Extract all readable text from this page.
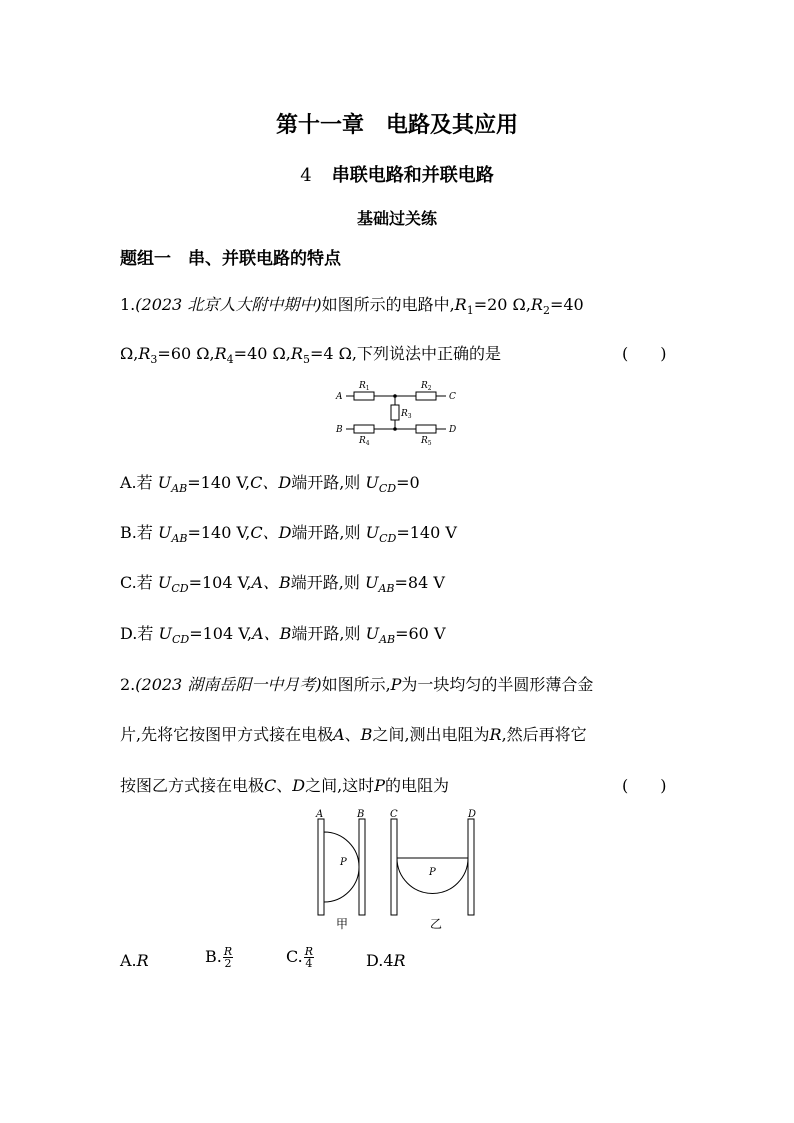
第十一章　电路及其应用
4 串联电路和并联电路
基础过关练
题组一　串、并联电路的特点
1.(2023 北京人大附中期中)如图所示的电路中$,R_1=20$ $\Omega,R_2=40$
$\Omega,R_3=60$ $\Omega,R_4=40$ $\Omega,R_5=4$ Ω,下列说法中正确的是	(　　)
A	C
B	D
$R_1$	$R_2$
$R_3$
$R_4$	$R_5$
A.若 $U_{AB}=140$ V,C、D端开路,则 $U_{CD}=0$
B.若 $U_{AB}=140$ V,C、D端开路,则 $U_{CD}=140$ V
C.若 $U_{CD}=104$ V,A、B端开路,则 $U_{AB}=84$ V
D.若 $U_{CD}=104$ V,A、B端开路,则 $U_{AB}=60$ V
2.(2023 湖南岳阳一中月考)如图所示,P为一块均匀的半圆形薄合金
片,先将它按图甲方式接在电极A、B之间,测出电阻为R,然后再将它
按图乙方式接在电极C、D之间,这时P的电阻为	(　　)
A	B	C	D
P
P
甲	乙
A.R	B. $\frac{R}{2}$	C. $\frac{R}{4}$	D.4R
